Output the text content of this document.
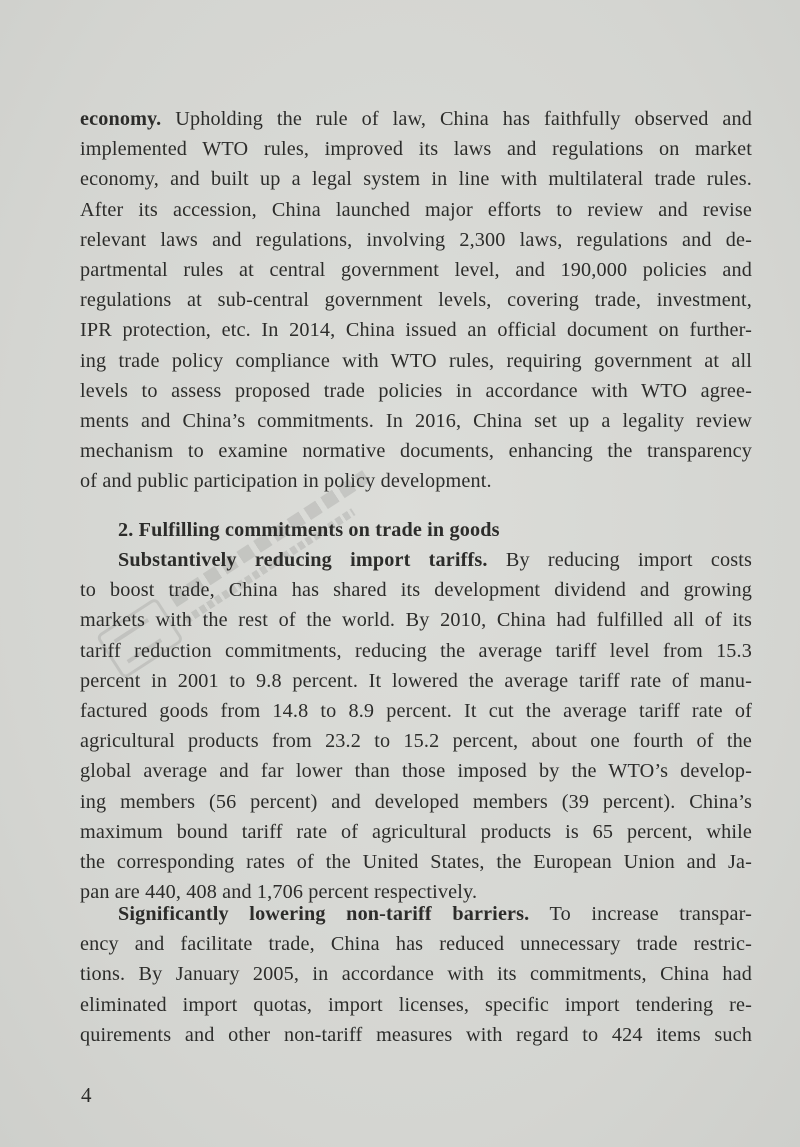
economy. Upholding the rule of law, China has faithfully observed and
implemented WTO rules, improved its laws and regulations on market
economy, and built up a legal system in line with multilateral trade rules.
After its accession, China launched major efforts to review and revise
relevant laws and regulations, involving 2,300 laws, regulations and de-
partmental rules at central government level, and 190,000 policies and
regulations at sub-central government levels, covering trade, investment,
IPR protection, etc. In 2014, China issued an official document on further-
ing trade policy compliance with WTO rules, requiring government at all
levels to assess proposed trade policies in accordance with WTO agree-
ments and China’s commitments. In 2016, China set up a legality review
mechanism to examine normative documents, enhancing the transparency
of and public participation in policy development.
2. Fulfilling commitments on trade in goods
Substantively reducing import tariffs. By reducing import costs
to boost trade, China has shared its development dividend and growing
markets with the rest of the world. By 2010, China had fulfilled all of its
tariff reduction commitments, reducing the average tariff level from 15.3
percent in 2001 to 9.8 percent. It lowered the average tariff rate of manu-
factured goods from 14.8 to 8.9 percent. It cut the average tariff rate of
agricultural products from 23.2 to 15.2 percent, about one fourth of the
global average and far lower than those imposed by the WTO’s develop-
ing members (56 percent) and developed members (39 percent). China’s
maximum bound tariff rate of agricultural products is 65 percent, while
the corresponding rates of the United States, the European Union and Ja-
pan are 440, 408 and 1,706 percent respectively.
Significantly lowering non-tariff barriers. To increase transpar-
ency and facilitate trade, China has reduced unnecessary trade restric-
tions. By January 2005, in accordance with its commitments, China had
eliminated import quotas, import licenses, specific import tendering re-
quirements and other non-tariff measures with regard to 424 items such
4
